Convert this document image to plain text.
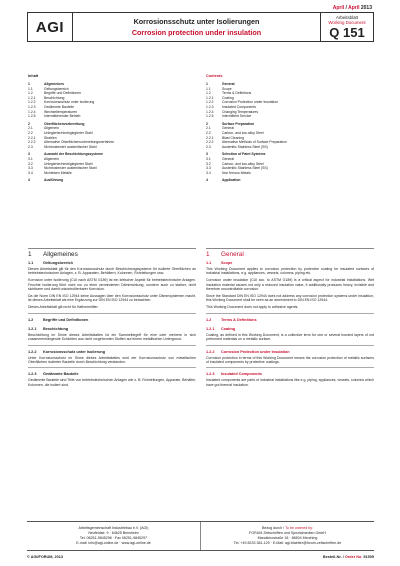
April / April 2013
AGI	Korrosionsschutz unter Isolierungen
Corrosion protection under insulation
Arbeitsblatt
Working Document
Q 151
Inhalt
1	Allgemeines
1.1	Geltungsbereich
1.2	Begriffe und Definitionen
1.2.1	Beschichtung
1.2.2	Korrosionsschutz unter Isolierung
1.2.3	Gedämmte Bauteile
1.2.4	Wechseltemperaturen
1.2.5	Intermittierender Betrieb
2	Oberflächenvorbereitung
2.1	Allgemein
2.2	Unlegierter/niedriglegierter Stahl
2.2.1	Strahlen
2.2.2	Alternative Oberflächenvorbereitungsverfahren
2.3	Nichtrostender austenitischer Stahl
3	Auswahl der Beschichtungssysteme
3.1	Allgemein
3.2	Unlegierter/niedriglegierter Stahl
3.3	Nichtrostender austenitischer Stahl
3.4	Nichteisen Metalle
4	Ausführung
Contents
1	General
1.1	Scope
1.2	Terms & Definitions
1.2.1	Coating
1.2.2	Corrosion Protection under Insulation
1.2.3	Insulated Components
1.2.4	Changing Temperatures
1.2.5	Intermittent Service
2	Surface Preparation
2.1	General
2.2	Carbon- and low-alloy Steel
2.2.1	Blast Cleaning
2.2.2	Alternative Methods of Surface Preparation
2.3	Austenitic Stainless Steel (SS)
3	Selection of Paint Systems
3.1	General
3.2	Carbon- and low-alloy Steel
3.3	Austenitic Stainless Steel (SS)
3.4	Non ferrous Metals
4	Application
1	Allgemeines
1.1	Geltungsbereich

Dieses Arbeitsblatt gilt für den Korrosionsschutz durch Beschichtungssysteme für isolierte Oberflächen an betriebstechnischen Anlagen, z. B. Apparaten, Behältern, Kolonnen, Rohrleitungen usw.

Korrosion unter Isolierung (CUI nach ASTM G189) ist ein kritischer Aspekt für betriebstechnische Anlagen. Feuchte Isolierung führt nicht nur zu einer verminderten Dämmwirkung, sondern auch zu starker, nicht sichtbarer und damit unkontrollierbarer Korrosion.

Da die Norm DIN EN ISO 12944 keine Aussagen über den Korrosionsschutz unter Dämmsystemen macht, ist dieses Arbeitsblatt als eine Ergänzung zur DIN EN ISO 12944 zu betrachten.

Dieses Arbeitsblatt gilt nicht für Haftvermittler.

1.2	Begriffe und Definitionen
1.2.1	Beschichtung

Beschichtung im Sinne dieses Arbeitsblattes ist ein Sammelbegriff für eine oder mehrere in sich zusammenhängende Schichten aus nicht vorgeformten Stoffen auf einem metallischen Untergrund.

1.2.2	Korrosionsschutz unter Isolierung

Unter Korrosionsschutz im Sinne dieses Arbeitsblattes wird der Korrosionsschutz von metallischen Oberflächen isolierter Bauteile durch Beschichtung verstanden.

1.2.3	Gedämmte Bauteile

Gedämmte Bauteile sind Teile von betriebstechnischen Anlagen wie z. B. Rohrleitungen, Apparate, Behälter, Kolonnen, die isoliert sind.

1	General
1.1	Scope

This Working Document applies to corrosion protection by protective coating for insulated surfaces of industrial installations, e.g. appliances, vessels, columns, piping etc.

Corrosion under insulation (CUI acc. to ASTM G189) is a critical aspect for industrial installations. Wet insulation material causes not only a reduced insulation value, it additionally produces heavy, invisible and therefore uncontrollable corrosion.

Since the Standard DIN EN ISO 12944 does not address any corrosion protection systems under insulation, this Working Document shall be seen as an amendment to DIN EN ISO 12944.

This Working Document does not apply to adhesive agents.

1.2	Terms & Definitions
1.2.1	Coating

Coating, as defined in this Working Document, is a collective term for one or several bonded layers of not preformed materials on a metallic surface.

1.2.2	Corrosion Protection under Insulation

Corrosion protection in terms of this Working Document means the corrosion protection of metallic surfaces of insulated components by protective coatings.

1.2.3	Insulated Components

Insulated components are parts of industrial installations like e.g. piping, appliances, vessels, columns which have got thermal insulation.

Arbeitsgemeinschaft Industriebau e.V. (AGI)
Neufeldstr. 9 · 64625 Bensheim
Tel. 06251-9845296 · Fax 06251-9845297
E-mail: info@agi-online.de · www.agi-online.de
Bezug durch / To be ordered by:
FORUM Zeitschriften und Spezialmedien GmbH
Mandichostraße 18 · 86504 Merching
Tel. +49 8233 381-129 · E-Mail: agi-blaetter@forum-zeitschriften.de
© AGI/FORUM, 2013	Bestell-Nr. / Order No. 51505
